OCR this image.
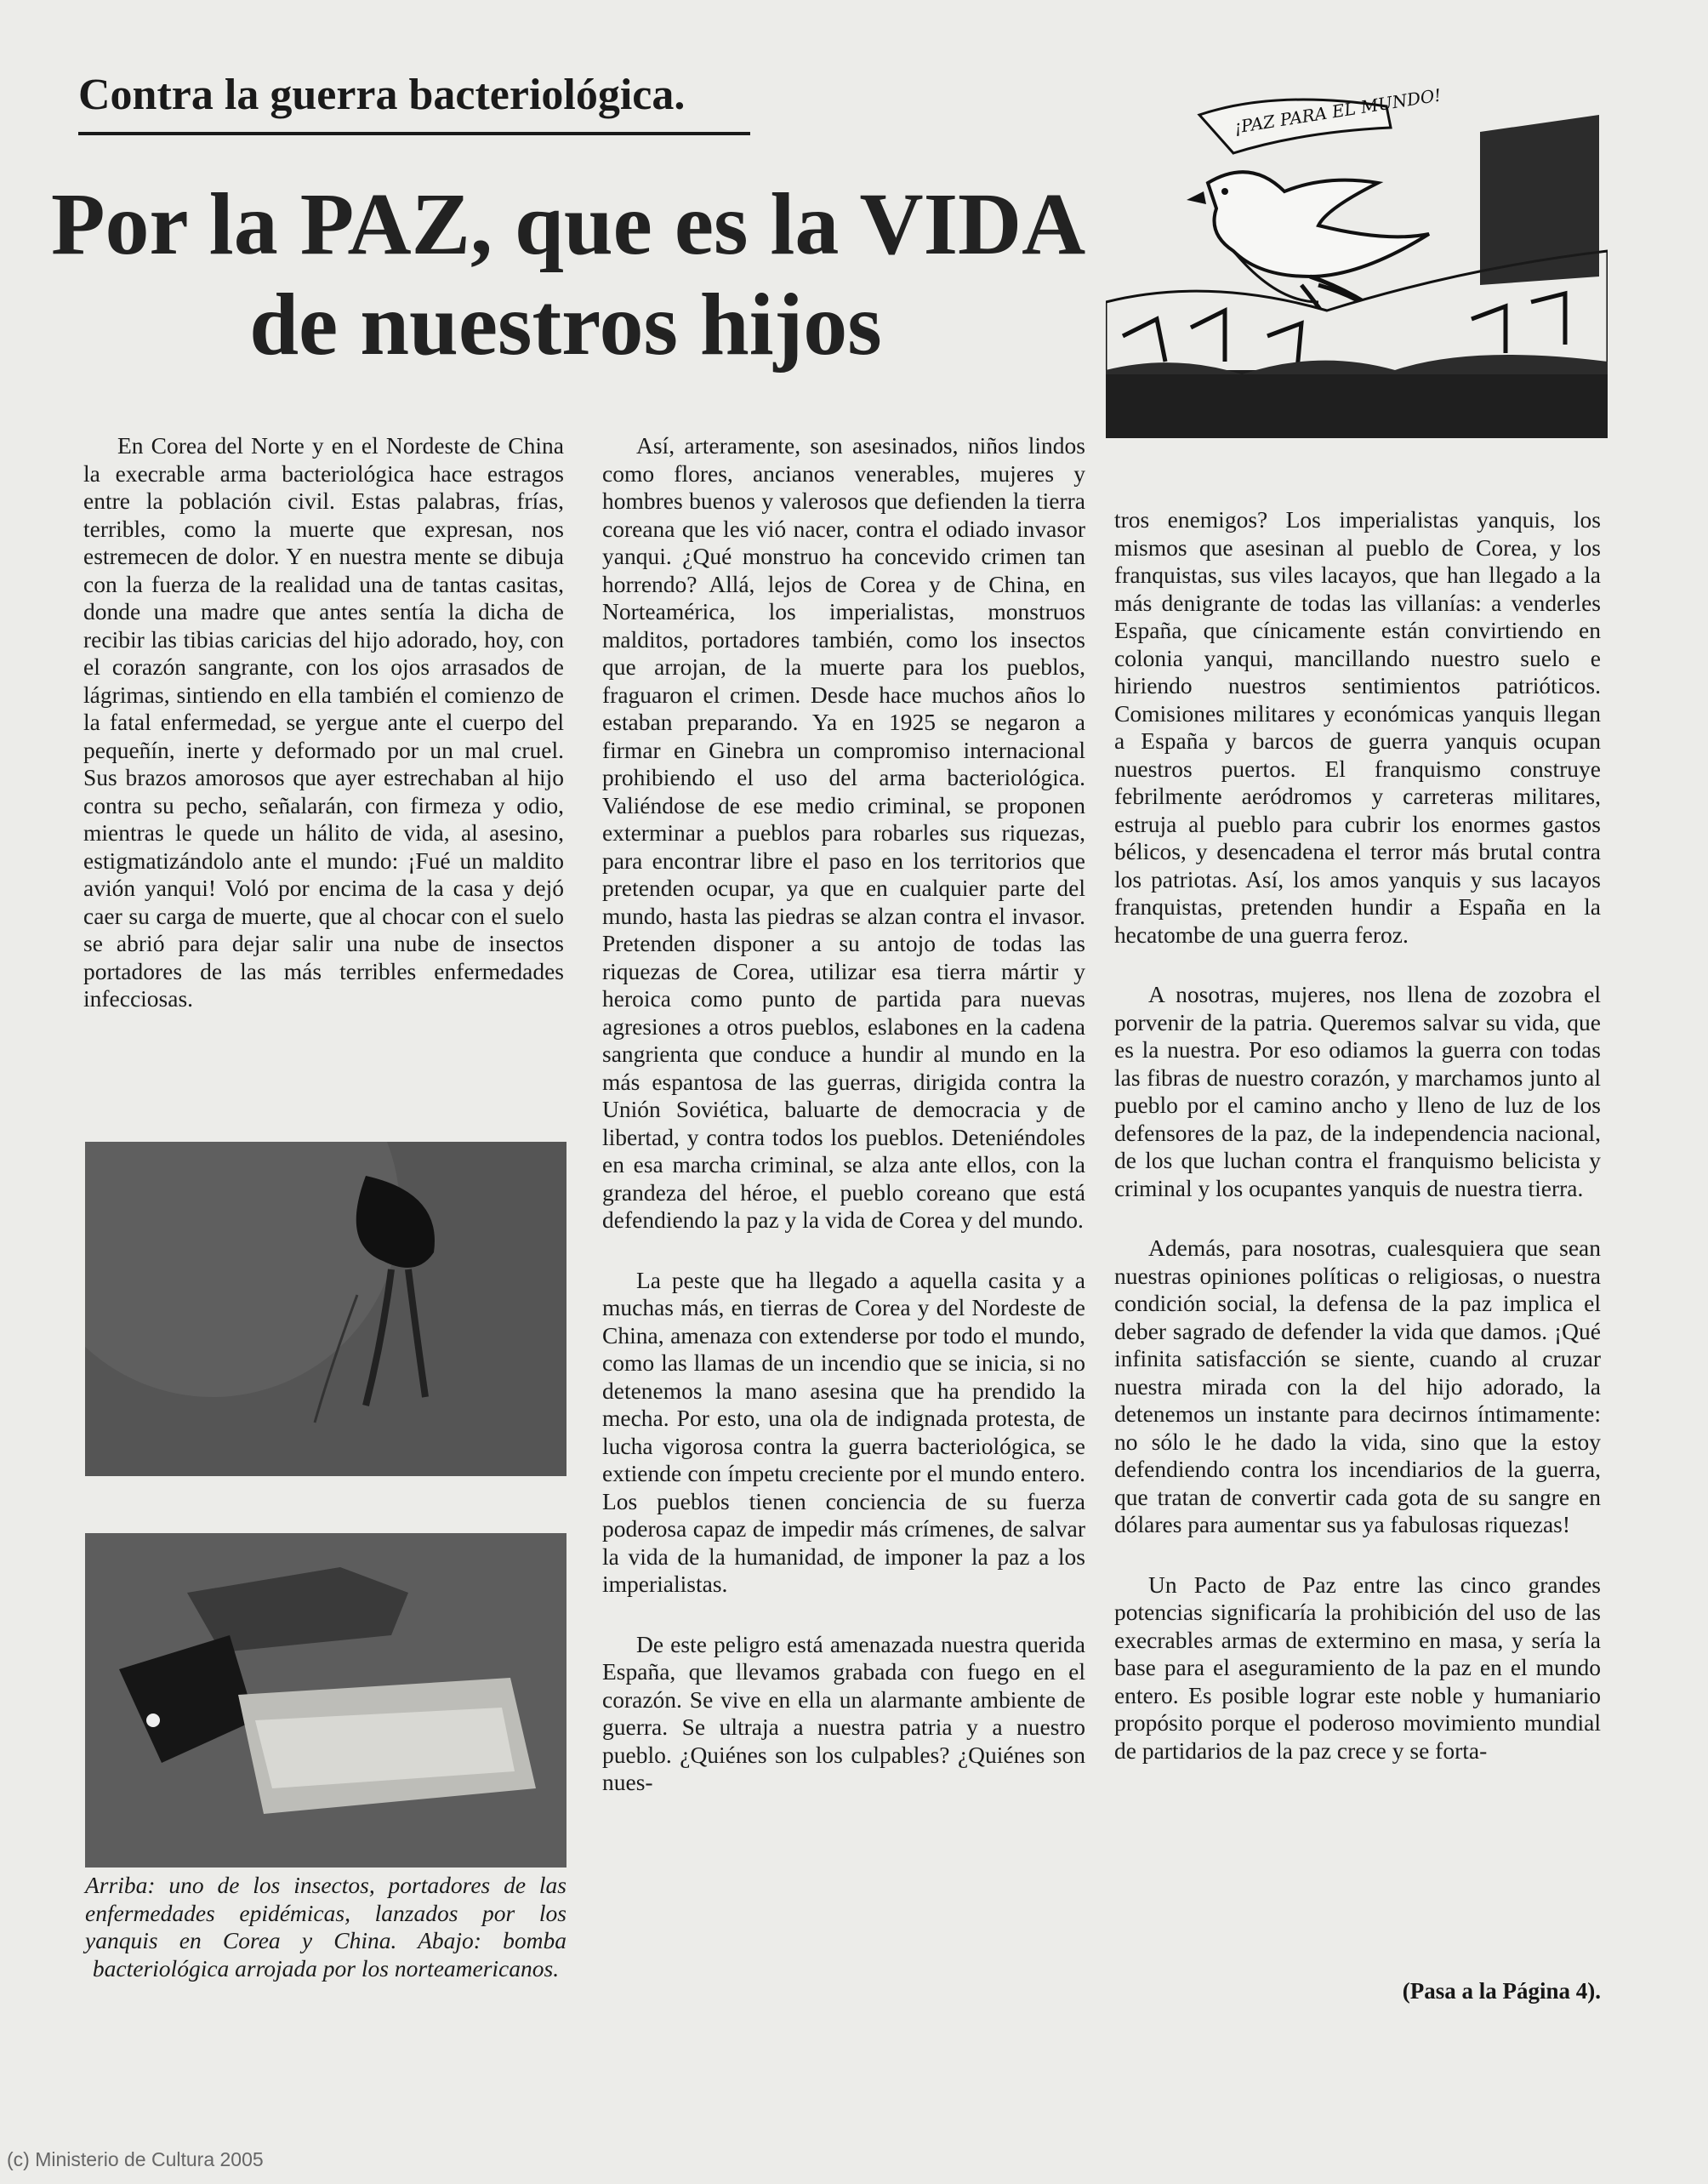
Contra la guerra bacteriológica.
Por la PAZ, que es la VIDA
de nuestros hijos
¡PAZ PARA EL MUNDO!

En Corea del Norte y en el Nordeste de China la execrable arma bacteriológica hace estragos entre la población civil. Estas palabras, frías, terribles, como la muerte que expresan, nos estremecen de dolor. Y en nuestra mente se dibuja con la fuerza de la realidad una de tantas casitas, donde una madre que antes sentía la dicha de recibir las tibias caricias del hijo adorado, hoy, con el corazón sangrante, con los ojos arrasados de lágrimas, sintiendo en ella también el comienzo de la fatal enfermedad, se yergue ante el cuerpo del pequeñín, inerte y deformado por un mal cruel. Sus brazos amorosos que ayer estrechaban al hijo contra su pecho, señalarán, con firmeza y odio, mientras le quede un hálito de vida, al asesino, estigmatizándolo ante el mundo: ¡Fué un maldito avión yanqui! Voló por encima de la casa y dejó caer su carga de muerte, que al chocar con el suelo se abrió para dejar salir una nube de insectos portadores de las más terribles enfermedades infecciosas.

Arriba: uno de los insectos, portadores de las enfermedades epidémicas, lanzados por los yanquis en Corea y China. Abajo: bomba bacteriológica arrojada por los norteamericanos.

Así, arteramente, son asesinados, niños lindos como flores, ancianos venerables, mujeres y hombres buenos y valerosos que defienden la tierra coreana que les vió nacer, contra el odiado invasor yanqui. ¿Qué monstruo ha concevido crimen tan horrendo? Allá, lejos de Corea y de China, en Norteamérica, los imperialistas, monstruos malditos, portadores también, como los insectos que arrojan, de la muerte para los pueblos, fraguaron el crimen. Desde hace muchos años lo estaban preparando. Ya en 1925 se negaron a firmar en Ginebra un compromiso internacional prohibiendo el uso del arma bacteriológica. Valiéndose de ese medio criminal, se proponen exterminar a pueblos para robarles sus riquezas, para encontrar libre el paso en los territorios que pretenden ocupar, ya que en cualquier parte del mundo, hasta las piedras se alzan contra el invasor. Pretenden disponer a su antojo de todas las riquezas de Corea, utilizar esa tierra mártir y heroica como punto de partida para nuevas agresiones a otros pueblos, eslabones en la cadena sangrienta que conduce a hundir al mundo en la más espantosa de las guerras, dirigida contra la Unión Soviética, baluarte de democracia y de libertad, y contra todos los pueblos. Deteniéndoles en esa marcha criminal, se alza ante ellos, con la grandeza del héroe, el pueblo coreano que está defendiendo la paz y la vida de Corea y del mundo.

La peste que ha llegado a aquella casita y a muchas más, en tierras de Corea y del Nordeste de China, amenaza con extenderse por todo el mundo, como las llamas de un incendio que se inicia, si no detenemos la mano asesina que ha prendido la mecha. Por esto, una ola de indignada protesta, de lucha vigorosa contra la guerra bacteriológica, se extiende con ímpetu creciente por el mundo entero. Los pueblos tienen conciencia de su fuerza poderosa capaz de impedir más crímenes, de salvar la vida de la humanidad, de imponer la paz a los imperialistas.

De este peligro está amenazada nuestra querida España, que llevamos grabada con fuego en el corazón. Se vive en ella un alarmante ambiente de guerra. Se ultraja a nuestra patria y a nuestro pueblo. ¿Quiénes son los culpables? ¿Quiénes son nues-

tros enemigos? Los imperialistas yanquis, los mismos que asesinan al pueblo de Corea, y los franquistas, sus viles lacayos, que han llegado a la más denigrante de todas las villanías: a venderles España, que cínicamente están convirtiendo en colonia yanqui, mancillando nuestro suelo e hiriendo nuestros sentimientos patrióticos. Comisiones militares y económicas yanquis llegan a España y barcos de guerra yanquis ocupan nuestros puertos. El franquismo construye febrilmente aeródromos y carreteras militares, estruja al pueblo para cubrir los enormes gastos bélicos, y desencadena el terror más brutal contra los patriotas. Así, los amos yanquis y sus lacayos franquistas, pretenden hundir a España en la hecatombe de una guerra feroz.

A nosotras, mujeres, nos llena de zozobra el porvenir de la patria. Queremos salvar su vida, que es la nuestra. Por eso odiamos la guerra con todas las fibras de nuestro corazón, y marchamos junto al pueblo por el camino ancho y lleno de luz de los defensores de la paz, de la independencia nacional, de los que luchan contra el franquismo belicista y criminal y los ocupantes yanquis de nuestra tierra.

Además, para nosotras, cualesquiera que sean nuestras opiniones políticas o religiosas, o nuestra condición social, la defensa de la paz implica el deber sagrado de defender la vida que damos. ¡Qué infinita satisfacción se siente, cuando al cruzar nuestra mirada con la del hijo adorado, la detenemos un instante para decirnos íntimamente: no sólo le he dado la vida, sino que la estoy defendiendo contra los incendiarios de la guerra, que tratan de convertir cada gota de su sangre en dólares para aumentar sus ya fabulosas riquezas!

Un Pacto de Paz entre las cinco grandes potencias significaría la prohibición del uso de las execrables armas de extermino en masa, y sería la base para el aseguramiento de la paz en el mundo entero. Es posible lograr este noble y humaniario propósito porque el poderoso movimiento mundial de partidarios de la paz crece y se forta-

(Pasa a la Página 4).
(c) Ministerio de Cultura 2005
